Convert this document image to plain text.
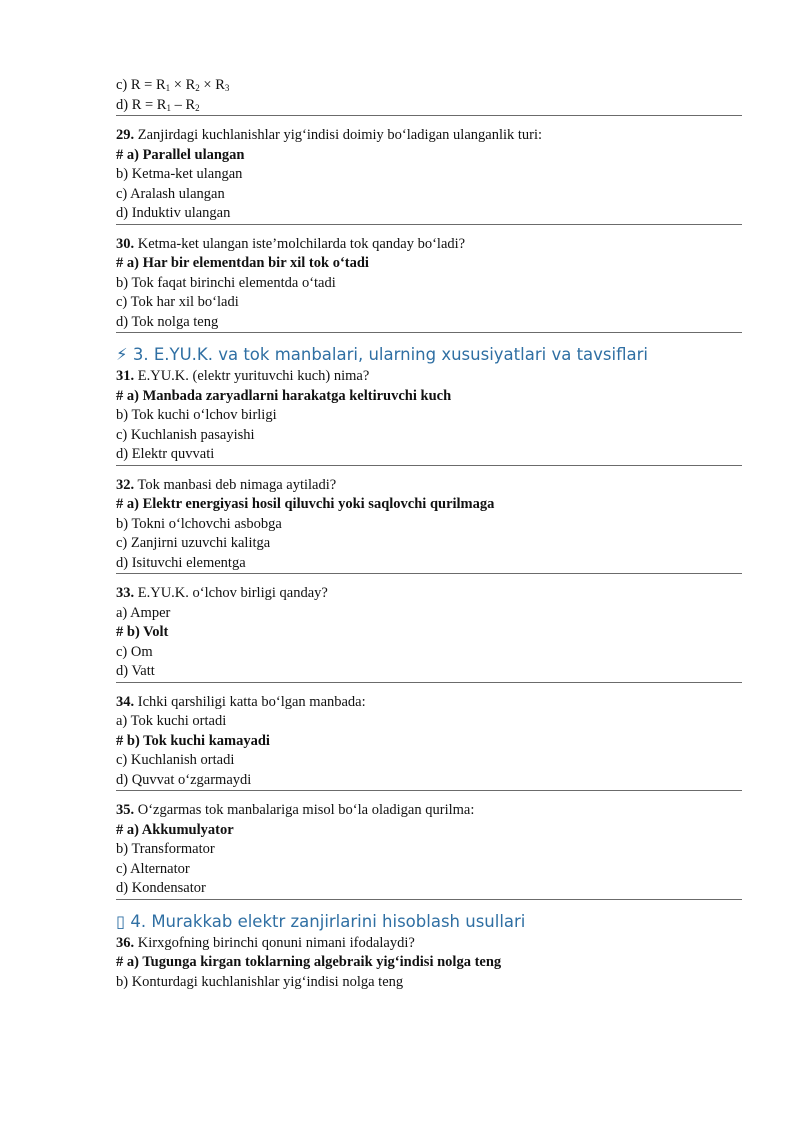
c) $R = R_1 \times R_2 \times R_3$
d) $R = R_1 - R_2$
29. Zanjirdagi kuchlanishlar yig‘indisi doimiy bo‘ladigan ulanganlik turi:
# a) Parallel ulangan
b) Ketma-ket ulangan
c) Aralash ulangan
d) Induktiv ulangan
30. Ketma-ket ulangan iste’molchilarda tok qanday bo‘ladi?
# a) Har bir elementdan bir xil tok o‘tadi
b) Tok faqat birinchi elementda o‘tadi
c) Tok har xil bo‘ladi
d) Tok nolga teng
⚡ 3. E.YU.K. va tok manbalari, ularning xususiyatlari va tavsiflari
31. E.YU.K. (elektr yurituvchi kuch) nima?
# a) Manbada zaryadlarni harakatga keltiruvchi kuch
b) Tok kuchi o‘lchov birligi
c) Kuchlanish pasayishi
d) Elektr quvvati
32. Tok manbasi deb nimaga aytiladi?
# a) Elektr energiyasi hosil qiluvchi yoki saqlovchi qurilmaga
b) Tokni o‘lchovchi asbobga
c) Zanjirni uzuvchi kalitga
d) Isituvchi elementga
33. E.YU.K. o‘lchov birligi qanday?
a) Amper
# b) Volt
c) Om
d) Vatt
34. Ichki qarshiligi katta bo‘lgan manbada:
a) Tok kuchi ortadi
# b) Tok kuchi kamayadi
c) Kuchlanish ortadi
d) Quvvat o‘zgarmaydi
35. O‘zgarmas tok manbalariga misol bo‘la oladigan qurilma:
# a) Akkumulyator
b) Transformator
c) Alternator
d) Kondensator
▯ 4. Murakkab elektr zanjirlarini hisoblash usullari
36. Kirxgofning birinchi qonuni nimani ifodalaydi?
# a) Tugunga kirgan toklarning algebraik yig‘indisi nolga teng
b) Konturdagi kuchlanishlar yig‘indisi nolga teng
